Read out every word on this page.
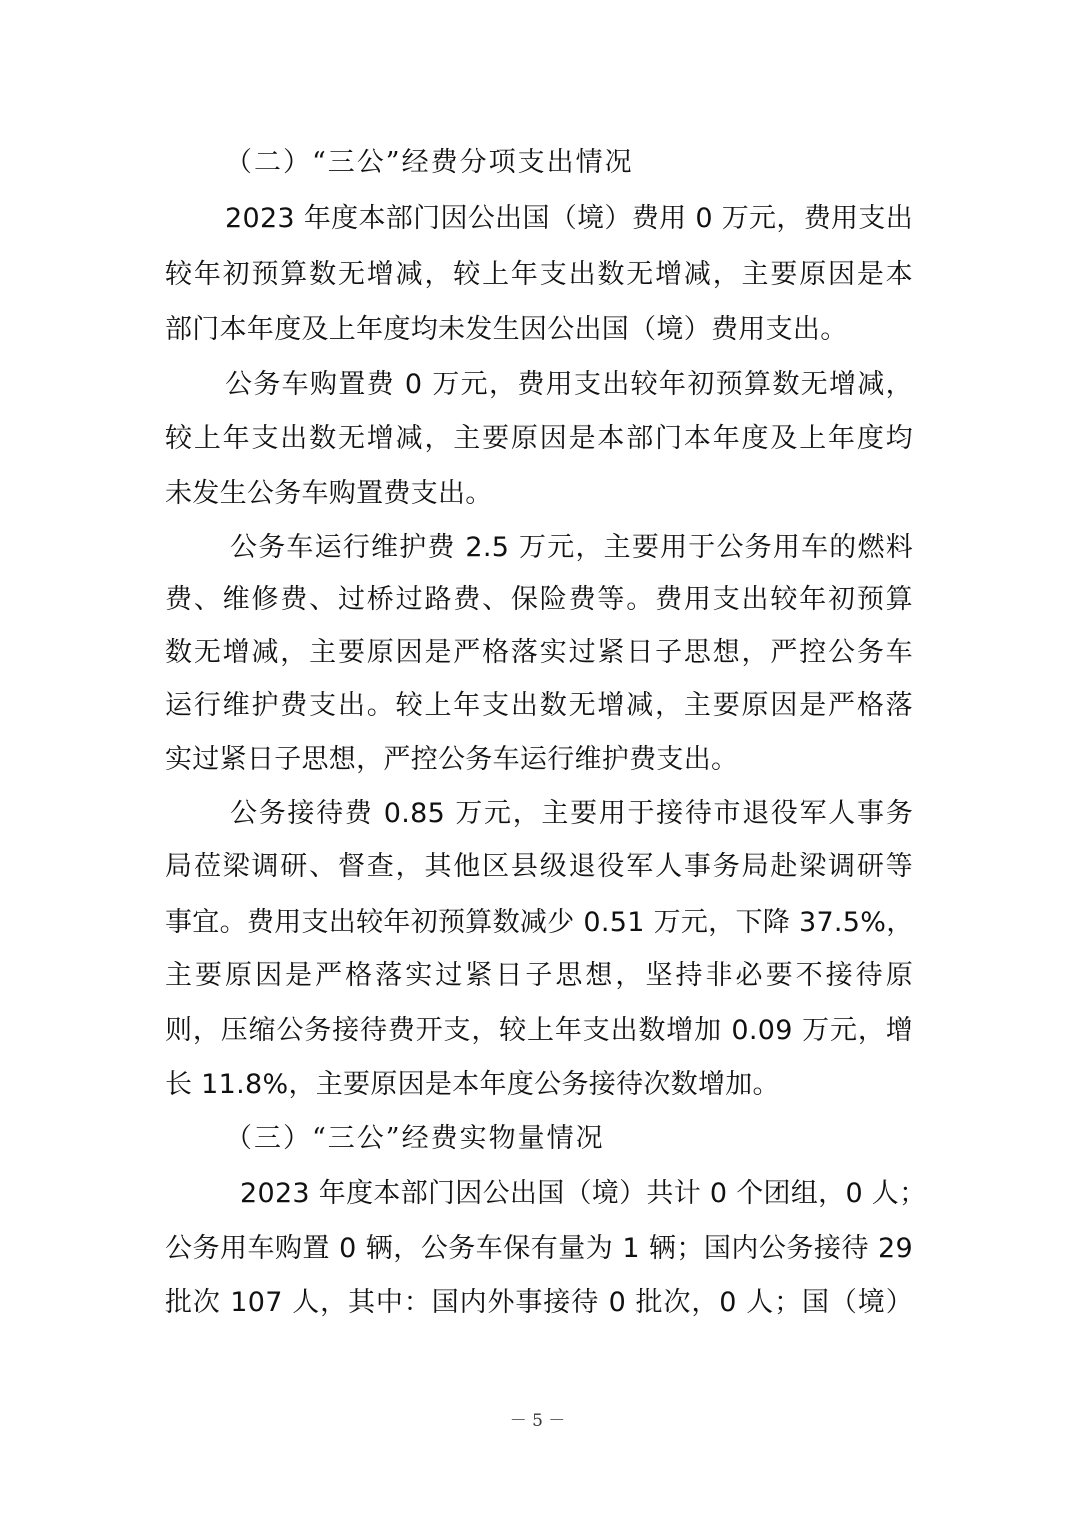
（二）“三公”经费分项支出情况
2023 年度本部门因公出国（境）费用 0 万元，费用支出
较年初预算数无增减，较上年支出数无增减，主要原因是本
部门本年度及上年度均未发生因公出国（境）费用支出。
公务车购置费 0 万元，费用支出较年初预算数无增减，
较上年支出数无增减，主要原因是本部门本年度及上年度均
未发生公务车购置费支出。
公务车运行维护费 2.5 万元，主要用于公务用车的燃料
费、维修费、过桥过路费、保险费等。费用支出较年初预算
数无增减，主要原因是严格落实过紧日子思想，严控公务车
运行维护费支出。较上年支出数无增减，主要原因是严格落
实过紧日子思想，严控公务车运行维护费支出。
公务接待费 0.85 万元，主要用于接待市退役军人事务
局莅梁调研、督查，其他区县级退役军人事务局赴梁调研等
事宜。费用支出较年初预算数减少 0.51 万元，下降 37.5%，
主要原因是严格落实过紧日子思想，坚持非必要不接待原
则，压缩公务接待费开支，较上年支出数增加 0.09 万元，增
长 11.8%，主要原因是本年度公务接待次数增加。
（三）“三公”经费实物量情况
2023 年度本部门因公出国（境）共计 0 个团组，0 人；
公务用车购置 0 辆，公务车保有量为 1 辆；国内公务接待 29
批次 107 人，其中：国内外事接待 0 批次，0 人；国（境）
－ 5 －
